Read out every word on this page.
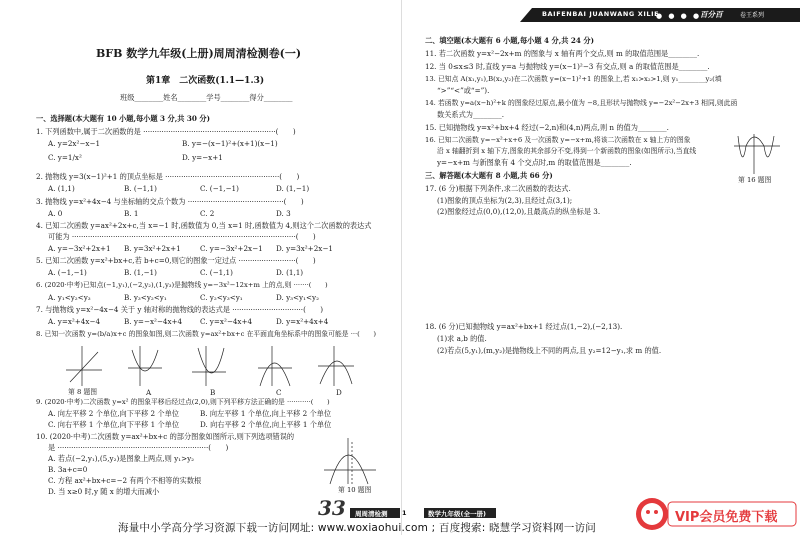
BAIFENBAI JUANWANG XILIE
● ● ● ●
百分百	卷王系列
BFB 数学九年级(上册)周周清检测卷(一)
第1章　二次函数(1.1—1.3)
班级________姓名________学号________得分________
一、选择题(本大题有 10 小题,每小题 3 分,共 30 分)
1. 下列函数中,属于二次函数的是 ··························································(　　)
A. y=2x²−x−1	B. y=−(x−1)²+(x+1)(x−1)
C. y=1/x²	D. y=−x+1
2. 抛物线 y=3(x−1)²+1 的顶点坐标是 ··················································(　　)
A. (1,1)	B. (−1,1)	C. (−1,−1)	D. (1,−1)
3. 抛物线 y=x²+4x−4 与坐标轴的交点个数为 ··········································(　　)
A. 0	B. 1	C. 2	D. 3
4. 已知二次函数 y=ax²+2x+c,当 x=−1 时,函数值为 0,当 x=1 时,函数值为 4,则这个二次函数的表达式
可能为 ··································································································(　　)
A. y=−3x²+2x+1 B. y=3x²+2x+1	C. y=−3x²+2x−1 D. y=3x²+2x−1
5. 已知二次函数 y=x²+bx+c,若 b+c=0,则它的图象一定过点 ·························(　　)
A. (−1,−1)	B. (1,−1)	C. (−1,1)	D. (1,1)
6. (2020·中考)已知点(−1,y₁),(−2,y₂),(1,y₃)是抛物线 y=−3x²−12x+m 上的点,则 ·······(　　)
A. y₁<y₂<y₃	B. y₃<y₂<y₁	C. y₂<y₃<y₁	D. y₃<y₁<y₂
7. 与抛物线 y=x²−4x−4 关于 y 轴对称的抛物线的表达式是 ·······························(　　)
A. y=x²+4x−4	B. y=−x²−4x+4 C. y=x²−4x+4	D. y=x²+4x+4
8. 已知一次函数 y=(b/a)x+c 的图象如图,则二次函数 y=ax²+bx+c 在平面直角坐标系中的图象可能是 ···(　　)
第 8 题图	A	B	C	D
9. (2020·中考)二次函数 y=x² 的图象平移后经过点(2,0),则下列平移方法正确的是 ···········(　　)
A. 向左平移 2 个单位,向下平移 2 个单位	B. 向左平移 1 个单位,向上平移 2 个单位
C. 向右平移 1 个单位,向下平移 1 个单位	D. 向右平移 2 个单位,向上平移 1 个单位
10. (2020·中考)二次函数 y=ax²+bx+c 的部分图象如图所示,则下列选项错误的
是 ··································································(　　)
A. 若点(−2,y₁),(5,y₂)是图象上两点,则 y₁>y₂
B. 3a+c=0
C. 方程 ax²+bx+c=−2 有两个不相等的实数根
D. 当 x≥0 时,y 随 x 的增大而减小	第 10 题图
33 周周清检测 1	数学九年级(全一册)
二、填空题(本大题有 6 小题,每小题 4 分,共 24 分)
11. 若二次函数 y=x²−2x+m 的图象与 x 轴有两个交点,则 m 的取值范围是________.
12. 当 0≤x≤3 时,直线 y=a 与抛物线 y=(x−1)²−3 有交点,则 a 的取值范围是________.
13. 已知点 A(x₁,y₁),B(x₂,y₂)在二次函数 y=(x−1)²+1 的图象上,若 x₁>x₂>1,则 y₁________y₂(填
“>”“<”或“=”).
14. 若函数 y=a(x−h)²+k 的图象经过原点,最小值为 −8,且形状与抛物线 y=−2x²−2x+3 相同,则此函
数关系式为________.
15. 已知抛物线 y=x²+bx+4 经过(−2,n)和(4,n)两点,则 n 的值为________.
16. 已知二次函数 y=−x²+x+6 及一次函数 y=−x+m,将该二次函数在 x 轴上方的图象
沿 x 轴翻折到 x 轴下方,图象的其余部分不变,得到一个新函数的图象(如图所示),当直线
y=−x+m 与新图象有 4 个交点时,m 的取值范围是________.
第 16 题图
三、解答题(本大题有 8 小题,共 66 分)
17. (6 分)根据下列条件,求二次函数的表达式.
(1)图象的顶点坐标为(2,3),且经过点(3,1);
(2)图象经过点(0,0),(12,0),且最高点的纵坐标是 3.
18. (6 分)已知抛物线 y=ax²+bx+1 经过点(1,−2),(−2,13).
(1)求 a,b 的值.
(2)若点(5,y₁),(m,y₂)是抛物线上不同的两点,且 y₂=12−y₁,求 m 的值.
海量中小学高分学习资源下载一访问网址: www.woxiaohui.com ; 百度搜索: 晓慧学习资料网一访问
VIP会员免费下载
